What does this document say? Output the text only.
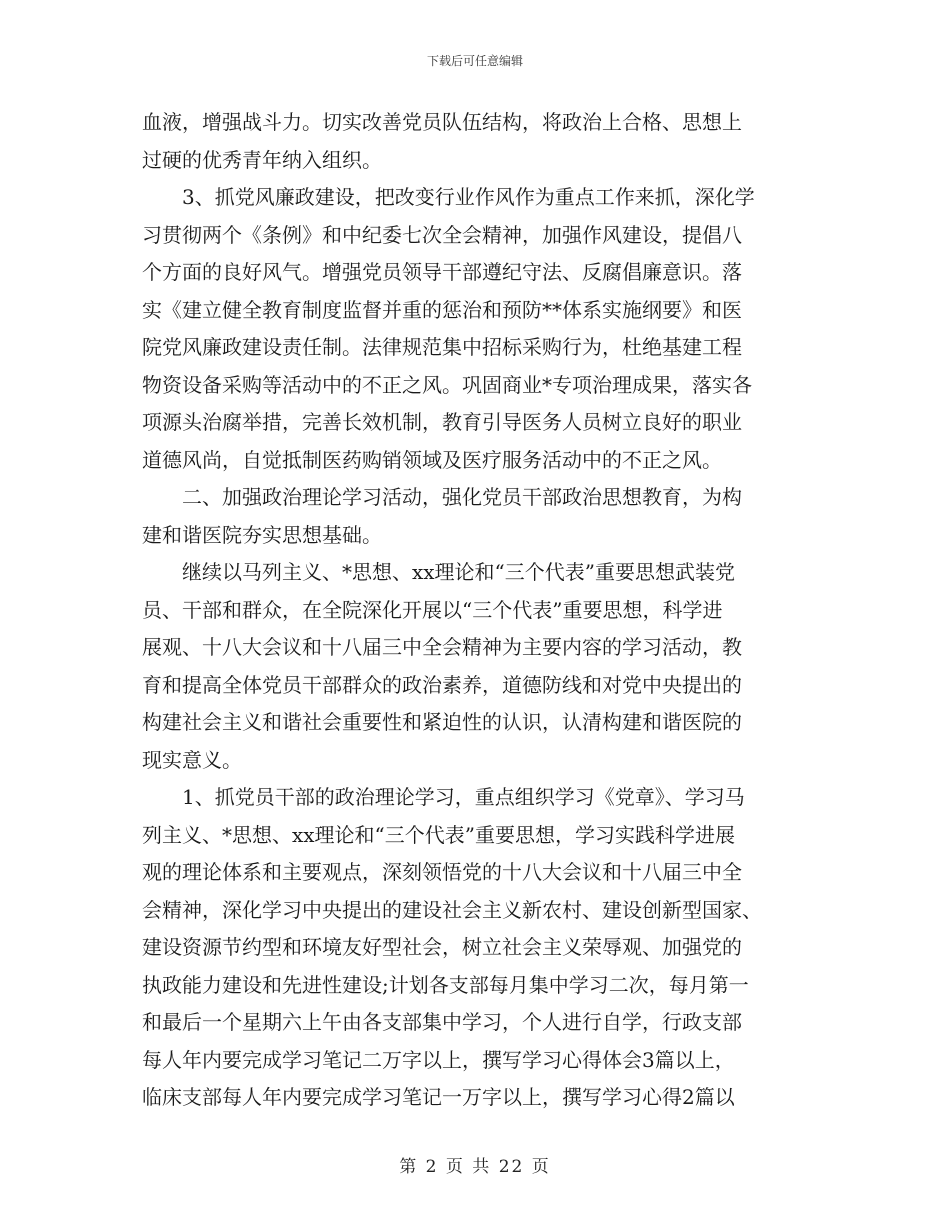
下载后可任意编辑
血液，增强战斗力。切实改善党员队伍结构，将政治上合格、思想上
过硬的优秀青年纳入组织。
　　3、抓党风廉政建设，把改变行业作风作为重点工作来抓，深化学
习贯彻两个《条例》和中纪委七次全会精神，加强作风建设，提倡八
个方面的良好风气。增强党员领导干部遵纪守法、反腐倡廉意识。落
实《建立健全教育制度监督并重的惩治和预防**体系实施纲要》和医
院党风廉政建设责任制。法律规范集中招标采购行为，杜绝基建工程
物资设备采购等活动中的不正之风。巩固商业*专项治理成果，落实各
项源头治腐举措，完善长效机制，教育引导医务人员树立良好的职业
道德风尚，自觉抵制医药购销领域及医疗服务活动中的不正之风。
　　二、加强政治理论学习活动，强化党员干部政治思想教育，为构
建和谐医院夯实思想基础。
　　继续以马列主义、*思想、xx理论和“三个代表”重要思想武装党
员、干部和群众，在全院深化开展以“三个代表”重要思想，科学进
展观、十八大会议和十八届三中全会精神为主要内容的学习活动，教
育和提高全体党员干部群众的政治素养，道德防线和对党中央提出的
构建社会主义和谐社会重要性和紧迫性的认识，认清构建和谐医院的
现实意义。
　　1、抓党员干部的政治理论学习，重点组织学习《党章》、学习马
列主义、*思想、xx理论和“三个代表”重要思想，学习实践科学进展
观的理论体系和主要观点，深刻领悟党的十八大会议和十八届三中全
会精神，深化学习中央提出的建设社会主义新农村、建设创新型国家、
建设资源节约型和环境友好型社会，树立社会主义荣辱观、加强党的
执政能力建设和先进性建设;计划各支部每月集中学习二次，每月第一
和最后一个星期六上午由各支部集中学习，个人进行自学，行政支部
每人年内要完成学习笔记二万字以上，撰写学习心得体会3篇以上，
临床支部每人年内要完成学习笔记一万字以上，撰写学习心得2篇以
第 2 页 共 22 页
